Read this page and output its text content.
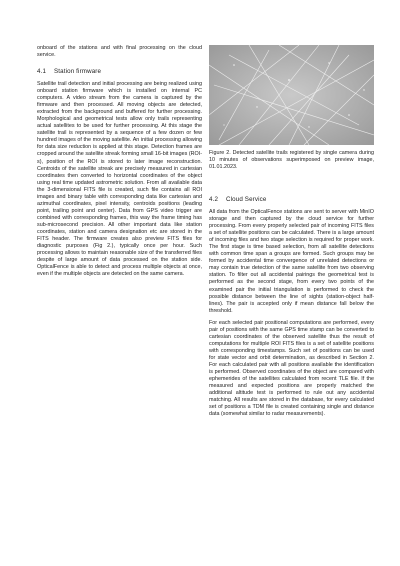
onboard of the stations and with final processing on the cloud service.

4.1 Station firmware

Satellite trail detection and initial processing are being realized using onboard station firmware which is installed on internal PC computers. A video stream from the camera is captured by the firmware and then processed. All moving objects are detected, extracted from the background and buffered for further processing. Morphological and geometrical tests allow only trails representing actual satellites to be used for further processing. At this stage the satellite trail is represented by a sequence of a few dozen or few hundred images of the moving satellite. An initial processing allowing for data size reduction is applied at this stage. Detection frames are cropped around the satellite streak forming small 16-bit images (ROI-s), position of the ROI is stored to later image reconstruction. Centroids of the satellite streak are precisely measured in cartesian coordinates then converted to horizontal coordinates of the object using real time updated astrometric solution. From all available data the 3-dimensional FITS file is created, such file contains all ROI images and binary table with corresponding data like cartesian and azimuthal coordinates, pixel intensity, centroids positions (leading point, trailing point and center). Data from GPS video trigger are combined with corresponding frames, this way the frame timing has sub-microsecond precision. All other important data like station coordinates, station and camera designation etc are stored in the FITS header. The firmware creates also preview FITS files for diagnostic purposes (Fig 2.), typically once per hour. Such processing allows to maintain reasonable size of the transferred files despite of large amount of data processed on the station side. OpticalFence is able to detect and process multiple objects at once, even if the multiple objects are detected on the same camera.

Figure 2. Detected satellite trails registered by single camera during 10 minutes of observations superimposed on preview image, 01.01.2023.

4.2 Cloud Service

All data from the OpticalFence stations are sent to server with MinIO storage and then captured by the cloud service for further processing. From every properly selected pair of incoming FITS files a set of satellite positions can be calculated. There is a large amount of incoming files and two stage selection is required for proper work. The first stage is time based selection, from all satellite detections with common time span a groups are formed. Such groups may be formed by accidental time convergence of unrelated detections or may contain true detection of the same satellite from two observing station. To filter out all accidental pairings the geometrical test is performed as the second stage, from every two points of the examined pair the initial triangulation is performed to check the possible distance between the line of sights (station-object half-lines). The pair is accepted only if mean distance fall below the threshold.

For each selected pair positional computations are performed, every pair of positions with the same GPS time stamp can be converted to cartesian coordinates of the observed satellite thus the result of computations for multiple ROI FITS files is a set of satellite positions with corresponding timestamps. Such set of positions can be used for state vector and orbit determination, as described in Section 2. For each calculated pair with all positions available the identification is performed. Observed coordinates of the object are compared with ephemerides of the satellites calculated from recent TLE file. If the measured and expected positions are properly matched the additional altitude test is performed to rule out any accidental matching. All results are stored in the database, for every calculated set of positions a TDM file is created containing single and distance data (somewhat similar to radar measurements).
